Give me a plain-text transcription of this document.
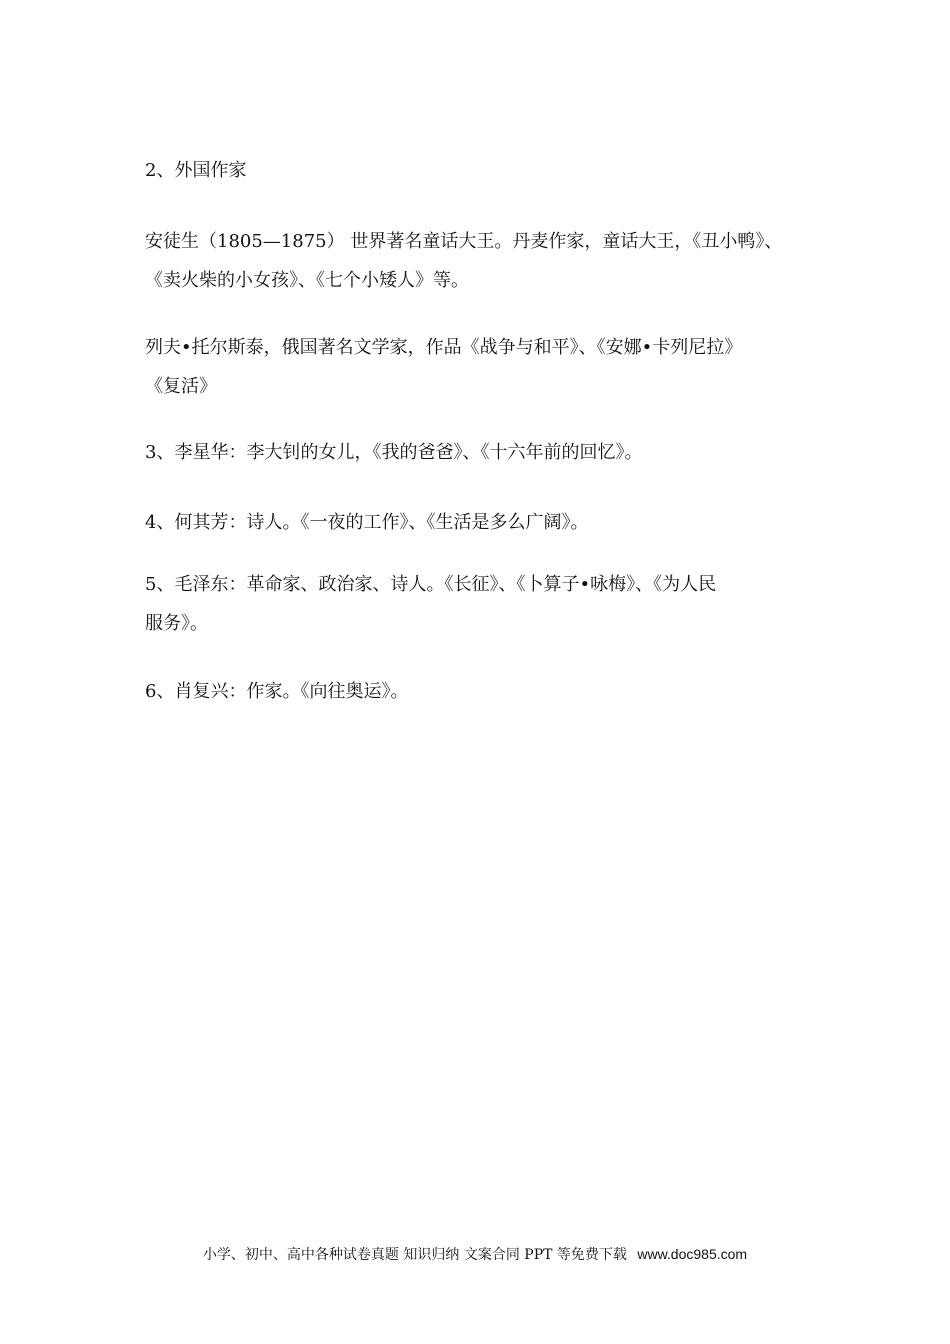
2、外国作家
安徒生（1805—1875） 世界著名童话大王。丹麦作家，童话大王，《丑小鸭》、
《卖火柴的小女孩》、《七个小矮人》等。
列夫•托尔斯泰，俄国著名文学家，作品《战争与和平》、《安娜•卡列尼拉》
《复活》
3、李星华：李大钊的女儿，《我的爸爸》、《十六年前的回忆》。
4、何其芳：诗人。《一夜的工作》、《生活是多么广阔》。
5、毛泽东：革命家、政治家、诗人。《长征》、《卜算子•咏梅》、《为人民
服务》。
6、肖复兴：作家。《向往奥运》。
小学、初中、高中各种试卷真题 知识归纳 文案合同 PPT 等免费下载 www.doc985.com
